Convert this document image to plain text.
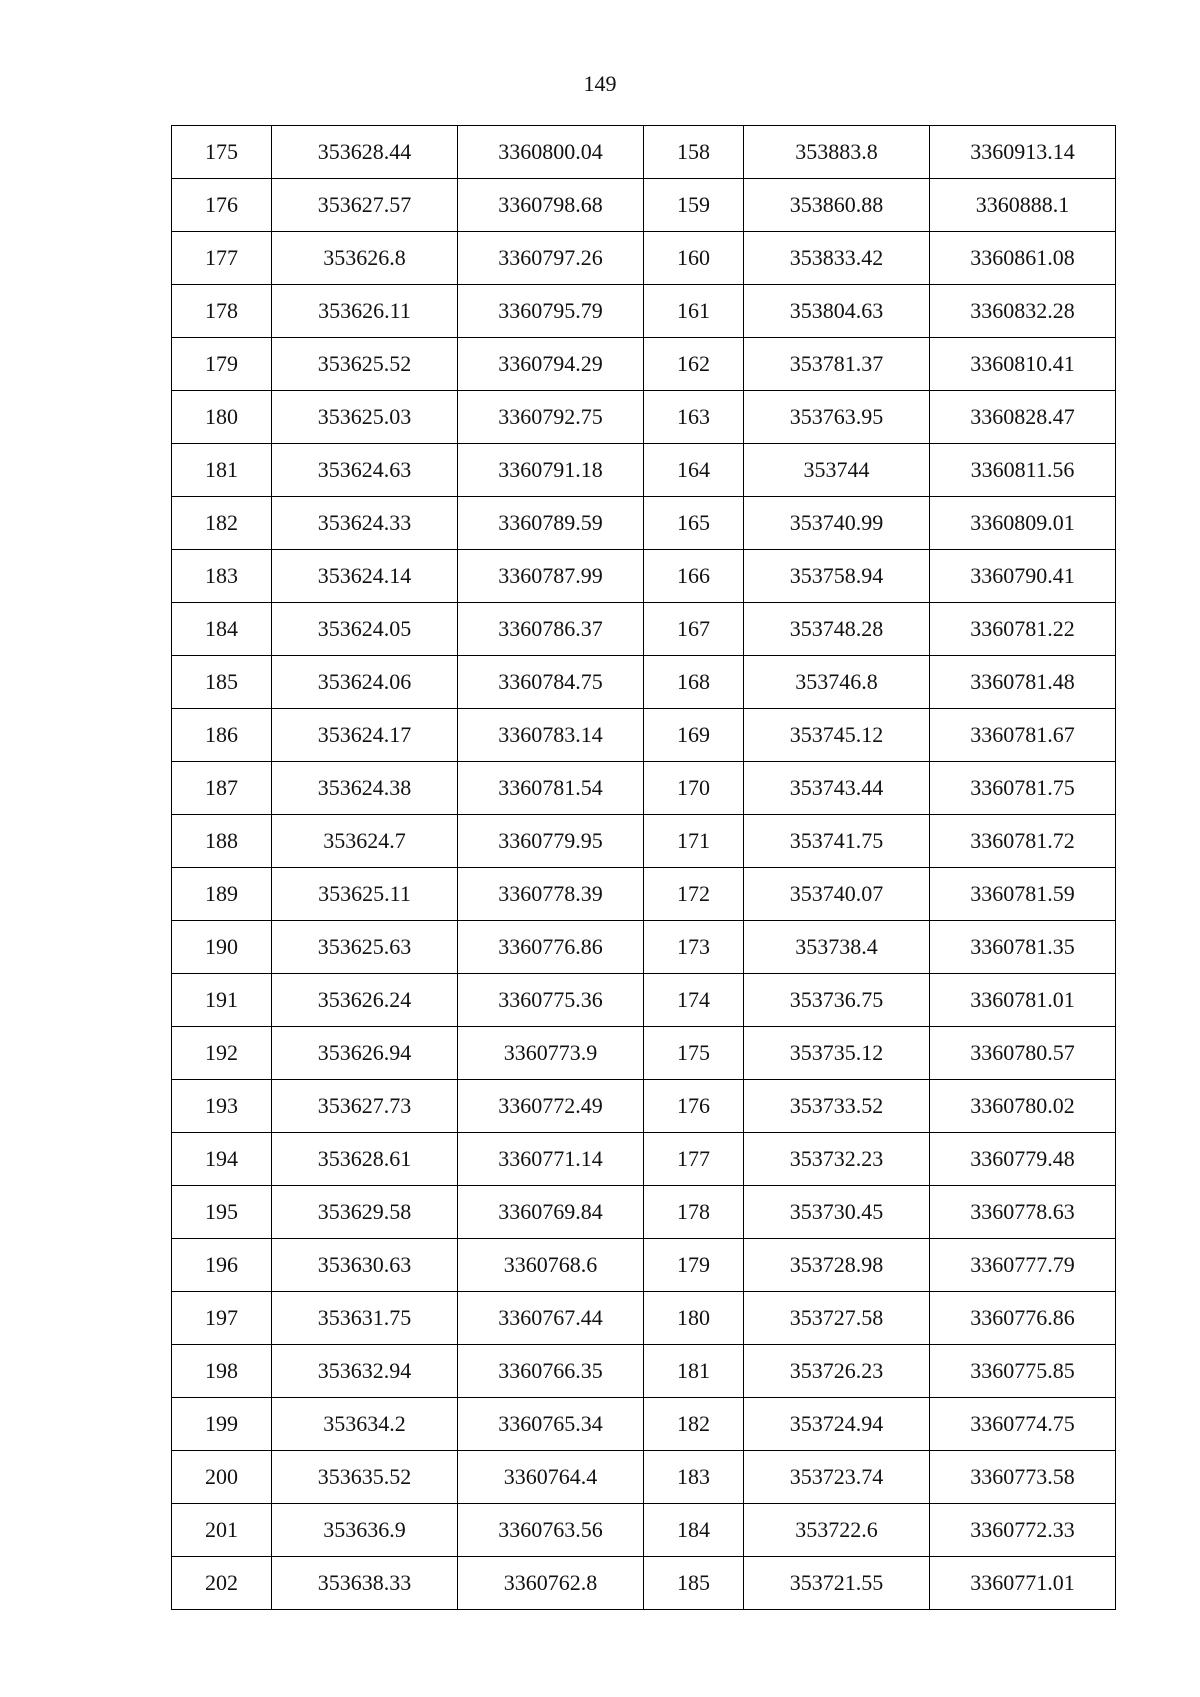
149
175	353628.44	3360800.04	158	353883.8	3360913.14
176	353627.57	3360798.68	159	353860.88	3360888.1
177	353626.8	3360797.26	160	353833.42	3360861.08
178	353626.11	3360795.79	161	353804.63	3360832.28
179	353625.52	3360794.29	162	353781.37	3360810.41
180	353625.03	3360792.75	163	353763.95	3360828.47
181	353624.63	3360791.18	164	353744	3360811.56
182	353624.33	3360789.59	165	353740.99	3360809.01
183	353624.14	3360787.99	166	353758.94	3360790.41
184	353624.05	3360786.37	167	353748.28	3360781.22
185	353624.06	3360784.75	168	353746.8	3360781.48
186	353624.17	3360783.14	169	353745.12	3360781.67
187	353624.38	3360781.54	170	353743.44	3360781.75
188	353624.7	3360779.95	171	353741.75	3360781.72
189	353625.11	3360778.39	172	353740.07	3360781.59
190	353625.63	3360776.86	173	353738.4	3360781.35
191	353626.24	3360775.36	174	353736.75	3360781.01
192	353626.94	3360773.9	175	353735.12	3360780.57
193	353627.73	3360772.49	176	353733.52	3360780.02
194	353628.61	3360771.14	177	353732.23	3360779.48
195	353629.58	3360769.84	178	353730.45	3360778.63
196	353630.63	3360768.6	179	353728.98	3360777.79
197	353631.75	3360767.44	180	353727.58	3360776.86
198	353632.94	3360766.35	181	353726.23	3360775.85
199	353634.2	3360765.34	182	353724.94	3360774.75
200	353635.52	3360764.4	183	353723.74	3360773.58
201	353636.9	3360763.56	184	353722.6	3360772.33
202	353638.33	3360762.8	185	353721.55	3360771.01
